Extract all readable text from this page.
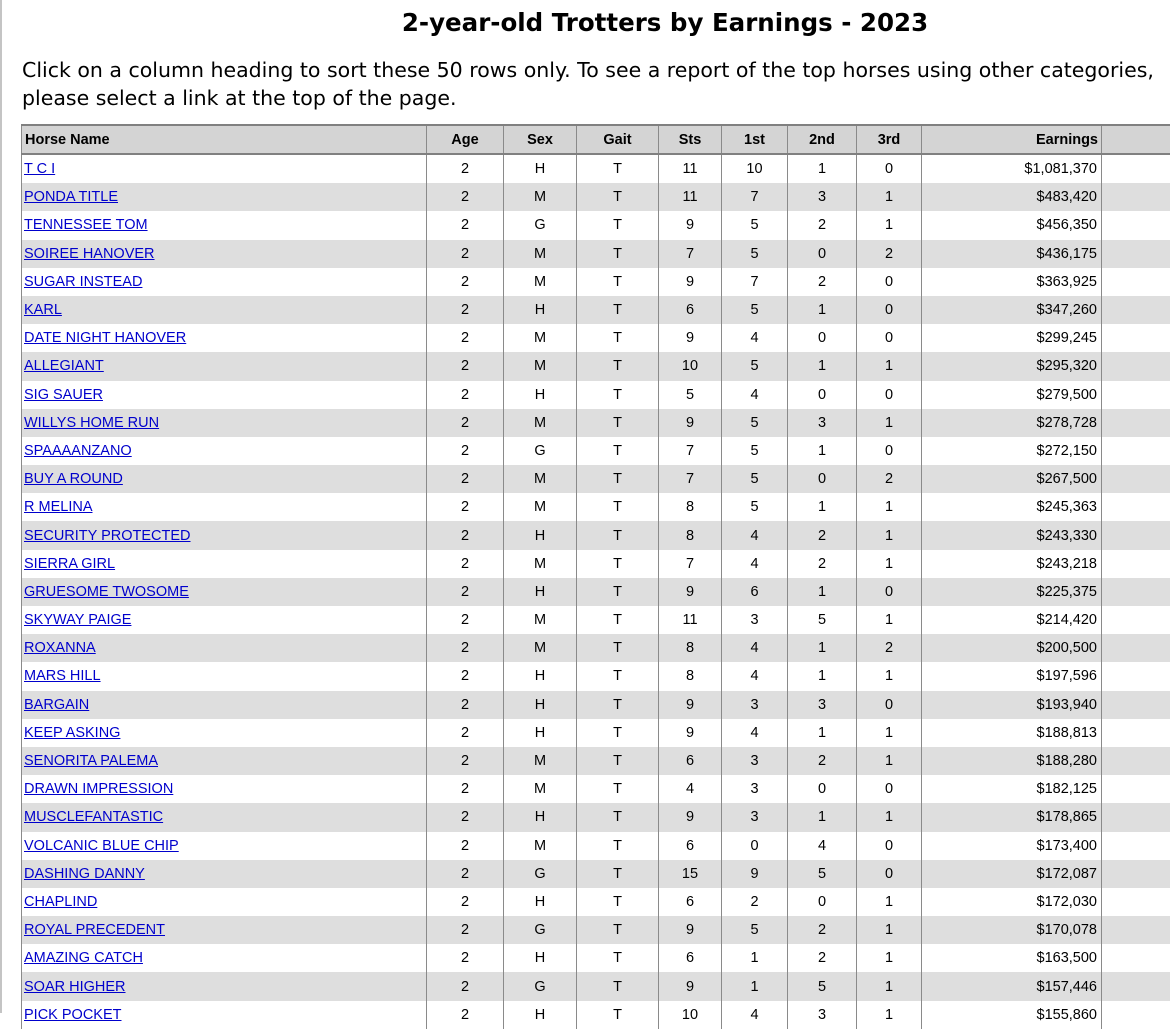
2-year-old Trotters by Earnings - 2023
Click on a column heading to sort these 50 rows only. To see a report of the top horses using other categories,
please select a link at the top of the page.
Horse Name	Age	Sex	Gait	Sts	1st	2nd	3rd	Earnings	
T C I	2	H	T	11	10	1	0	$1,081,370	
PONDA TITLE	2	M	T	11	7	3	1	$483,420	
TENNESSEE TOM	2	G	T	9	5	2	1	$456,350	
SOIREE HANOVER	2	M	T	7	5	0	2	$436,175	
SUGAR INSTEAD	2	M	T	9	7	2	0	$363,925	
KARL	2	H	T	6	5	1	0	$347,260	
DATE NIGHT HANOVER	2	M	T	9	4	0	0	$299,245	
ALLEGIANT	2	M	T	10	5	1	1	$295,320	
SIG SAUER	2	H	T	5	4	0	0	$279,500	
WILLYS HOME RUN	2	M	T	9	5	3	1	$278,728	
SPAAAANZANO	2	G	T	7	5	1	0	$272,150	
BUY A ROUND	2	M	T	7	5	0	2	$267,500	
R MELINA	2	M	T	8	5	1	1	$245,363	
SECURITY PROTECTED	2	H	T	8	4	2	1	$243,330	
SIERRA GIRL	2	M	T	7	4	2	1	$243,218	
GRUESOME TWOSOME	2	H	T	9	6	1	0	$225,375	
SKYWAY PAIGE	2	M	T	11	3	5	1	$214,420	
ROXANNA	2	M	T	8	4	1	2	$200,500	
MARS HILL	2	H	T	8	4	1	1	$197,596	
BARGAIN	2	H	T	9	3	3	0	$193,940	
KEEP ASKING	2	H	T	9	4	1	1	$188,813	
SENORITA PALEMA	2	M	T	6	3	2	1	$188,280	
DRAWN IMPRESSION	2	M	T	4	3	0	0	$182,125	
MUSCLEFANTASTIC	2	H	T	9	3	1	1	$178,865	
VOLCANIC BLUE CHIP	2	M	T	6	0	4	0	$173,400	
DASHING DANNY	2	G	T	15	9	5	0	$172,087	
CHAPLIND	2	H	T	6	2	0	1	$172,030	
ROYAL PRECEDENT	2	G	T	9	5	2	1	$170,078	
AMAZING CATCH	2	H	T	6	1	2	1	$163,500	
SOAR HIGHER	2	G	T	9	1	5	1	$157,446	
PICK POCKET	2	H	T	10	4	3	1	$155,860	
